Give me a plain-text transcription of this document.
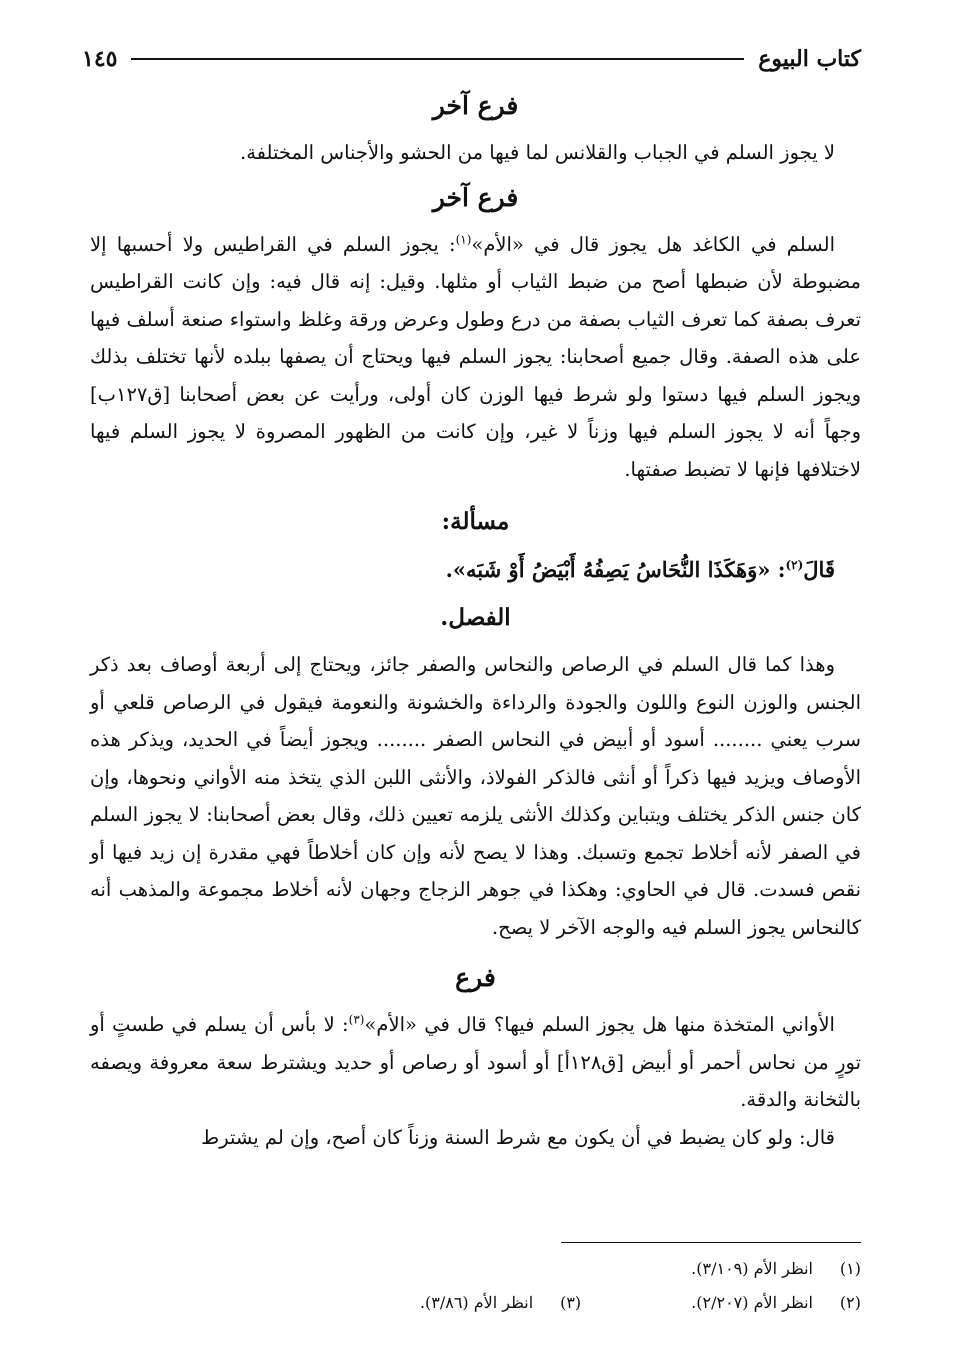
كتاب البيوع
١٤٥
فرع آخر

لا يجوز السلم في الجباب والقلانس لما فيها من الحشو والأجناس المختلفة.

فرع آخر

السلم في الكاغد هل يجوز قال في «الأم»$^{(١)}$: يجوز السلم في القراطيس ولا أحسبها إلا مضبوطة لأن ضبطها أصح من ضبط الثياب أو مثلها. وقيل: إنه قال فيه: وإن كانت القراطيس تعرف بصفة كما تعرف الثياب بصفة من درع وطول وعرض ورقة وغلظ واستواء صنعة أسلف فيها على هذه الصفة. وقال جميع أصحابنا: يجوز السلم فيها ويحتاج أن يصفها ببلده لأنها تختلف بذلك ويجوز السلم فيها دستوا ولو شرط فيها الوزن كان أولى، ورأيت عن بعض أصحابنا [ق١٢٧ب] وجهاً أنه لا يجوز السلم فيها وزناً لا غير، وإن كانت من الظهور المصروة لا يجوز السلم فيها لاختلافها فإنها لا تضبط صفتها.

مسألة:
قَالَ$^{(٢)}$: «وَهَكَذَا النُّحَاسُ يَصِفُهُ أَبْيَضُ أَوْ شَبَه».
الفصل.

وهذا كما قال السلم في الرصاص والنحاس والصفر جائز، ويحتاج إلى أربعة أوصاف بعد ذكر الجنس والوزن النوع واللون والجودة والرداءة والخشونة والنعومة فيقول في الرصاص قلعي أو سرب يعني ........ أسود أو أبيض في النحاس الصفر ........ ويجوز أيضاً في الحديد، ويذكر هذه الأوصاف ويزيد فيها ذكراً أو أنثى فالذكر الفولاذ، والأنثى اللبن الذي يتخذ منه الأواني ونحوها، وإن كان جنس الذكر يختلف ويتباين وكذلك الأنثى يلزمه تعيين ذلك، وقال بعض أصحابنا: لا يجوز السلم في الصفر لأنه أخلاط تجمع وتسبك. وهذا لا يصح لأنه وإن كان أخلاطاً فهي مقدرة إن زيد فيها أو نقص فسدت. قال في الحاوي: وهكذا في جوهر الزجاج وجهان لأنه أخلاط مجموعة والمذهب أنه كالنحاس يجوز السلم فيه والوجه الآخر لا يصح.

فرع

الأواني المتخذة منها هل يجوز السلم فيها؟ قال في «الأم»$^{(٣)}$: لا بأس أن يسلم في طستٍ أو تورٍ من نحاس أحمر أو أبيض [ق١٢٨أ] أو أسود أو رصاص أو حديد ويشترط سعة معروفة ويصفه بالثخانة والدقة.

قال: ولو كان يضبط في أن يكون مع شرط السنة وزناً كان أصح، وإن لم يشترط

(١)انظر الأم (٣/١٠٩).
(٢)انظر الأم (٢/٢٠٧).
(٣)انظر الأم (٣/٨٦).
